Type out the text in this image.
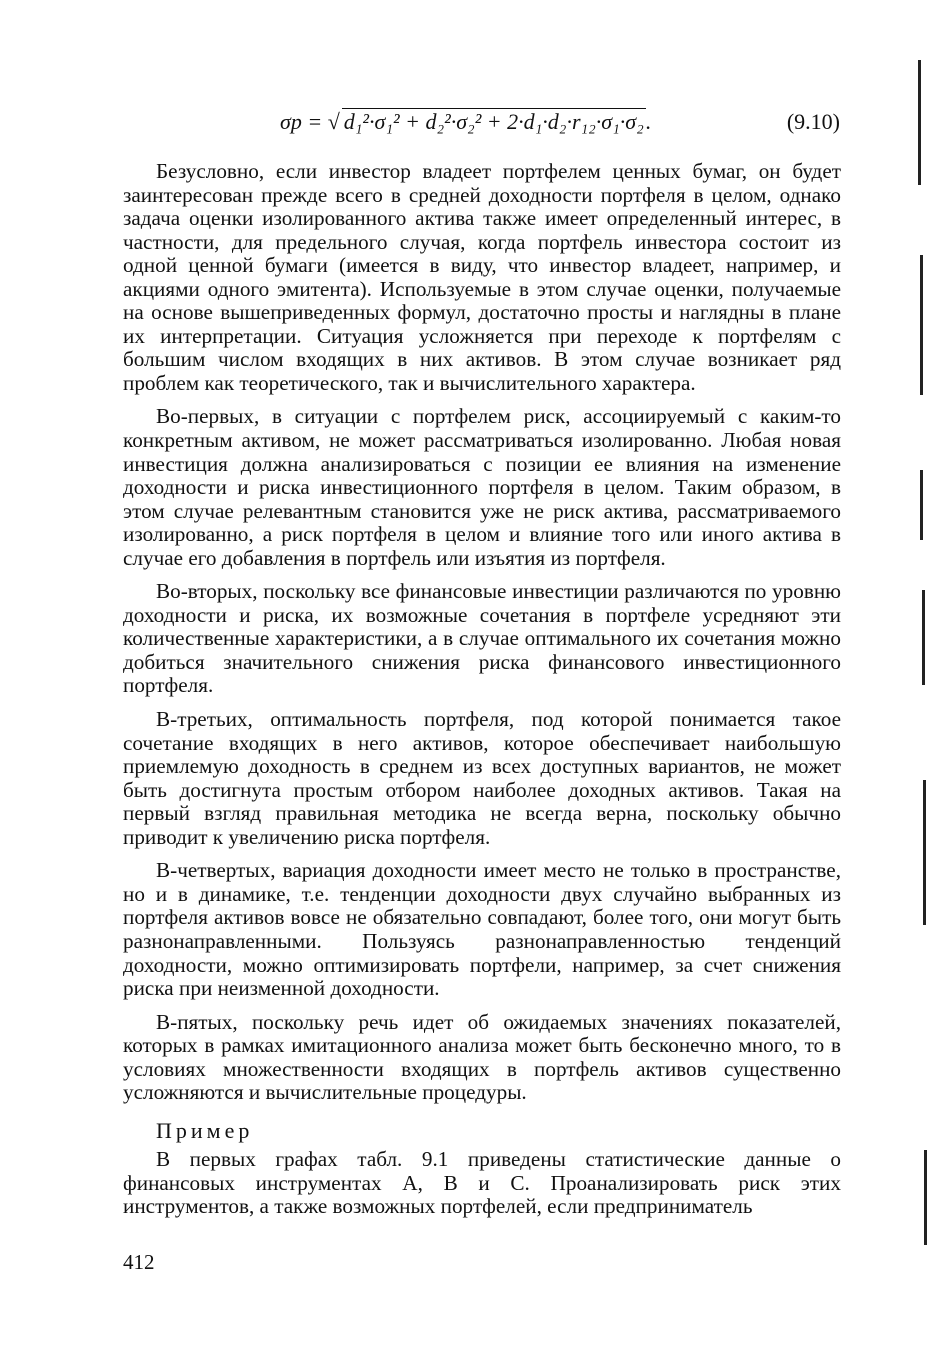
σp = √ d₁²·σ₁² + d₂²·σ₂² + 2·d₁·d₂·r₁₂·σ₁·σ₂.	(9.10)

Безусловно, если инвестор владеет портфелем ценных бумаг, он будет заинтересован прежде всего в средней доходности портфеля в целом, однако задача оценки изолированного актива также имеет определенный интерес, в частности, для предельного случая, когда портфель инвестора состоит из одной ценной бумаги (имеется в виду, что инвестор владеет, например, и акциями одного эмитента). Используемые в этом случае оценки, получаемые на основе вышеприведенных формул, достаточно просты и наглядны в плане их интерпретации. Ситуация усложняется при переходе к портфелям с большим числом входящих в них активов. В этом случае возникает ряд проблем как теоретического, так и вычислительного характера.

Во-первых, в ситуации с портфелем риск, ассоциируемый с каким-то конкретным активом, не может рассматриваться изолированно. Любая новая инвестиция должна анализироваться с позиции ее влияния на изменение доходности и риска инвестиционного портфеля в целом. Таким образом, в этом случае релевантным становится уже не риск актива, рассматриваемого изолированно, а риск портфеля в целом и влияние того или иного актива в случае его добавления в портфель или изъятия из портфеля.

Во-вторых, поскольку все финансовые инвестиции различаются по уровню доходности и риска, их возможные сочетания в портфеле усредняют эти количественные характеристики, а в случае оптимального их сочетания можно добиться значительного снижения риска финансового инвестиционного портфеля.

В-третьих, оптимальность портфеля, под которой понимается такое сочетание входящих в него активов, которое обеспечивает наибольшую приемлемую доходность в среднем из всех доступных вариантов, не может быть достигнута простым отбором наиболее доходных активов. Такая на первый взгляд правильная методика не всегда верна, поскольку обычно приводит к увеличению риска портфеля.

В-четвертых, вариация доходности имеет место не только в пространстве, но и в динамике, т.е. тенденции доходности двух случайно выбранных из портфеля активов вовсе не обязательно совпадают, более того, они могут быть разнонаправленными. Пользуясь разнонаправленностью тенденций доходности, можно оптимизировать портфели, например, за счет снижения риска при неизменной доходности.

В-пятых, поскольку речь идет об ожидаемых значениях показателей, которых в рамках имитационного анализа может быть бесконечно много, то в условиях множественности входящих в портфель активов существенно усложняются и вычислительные процедуры.

Пример

В первых графах табл. 9.1 приведены статистические данные о финансовых инструментах A, B и C. Проанализировать риск этих инструментов, а также возможных портфелей, если предприниматель

412
